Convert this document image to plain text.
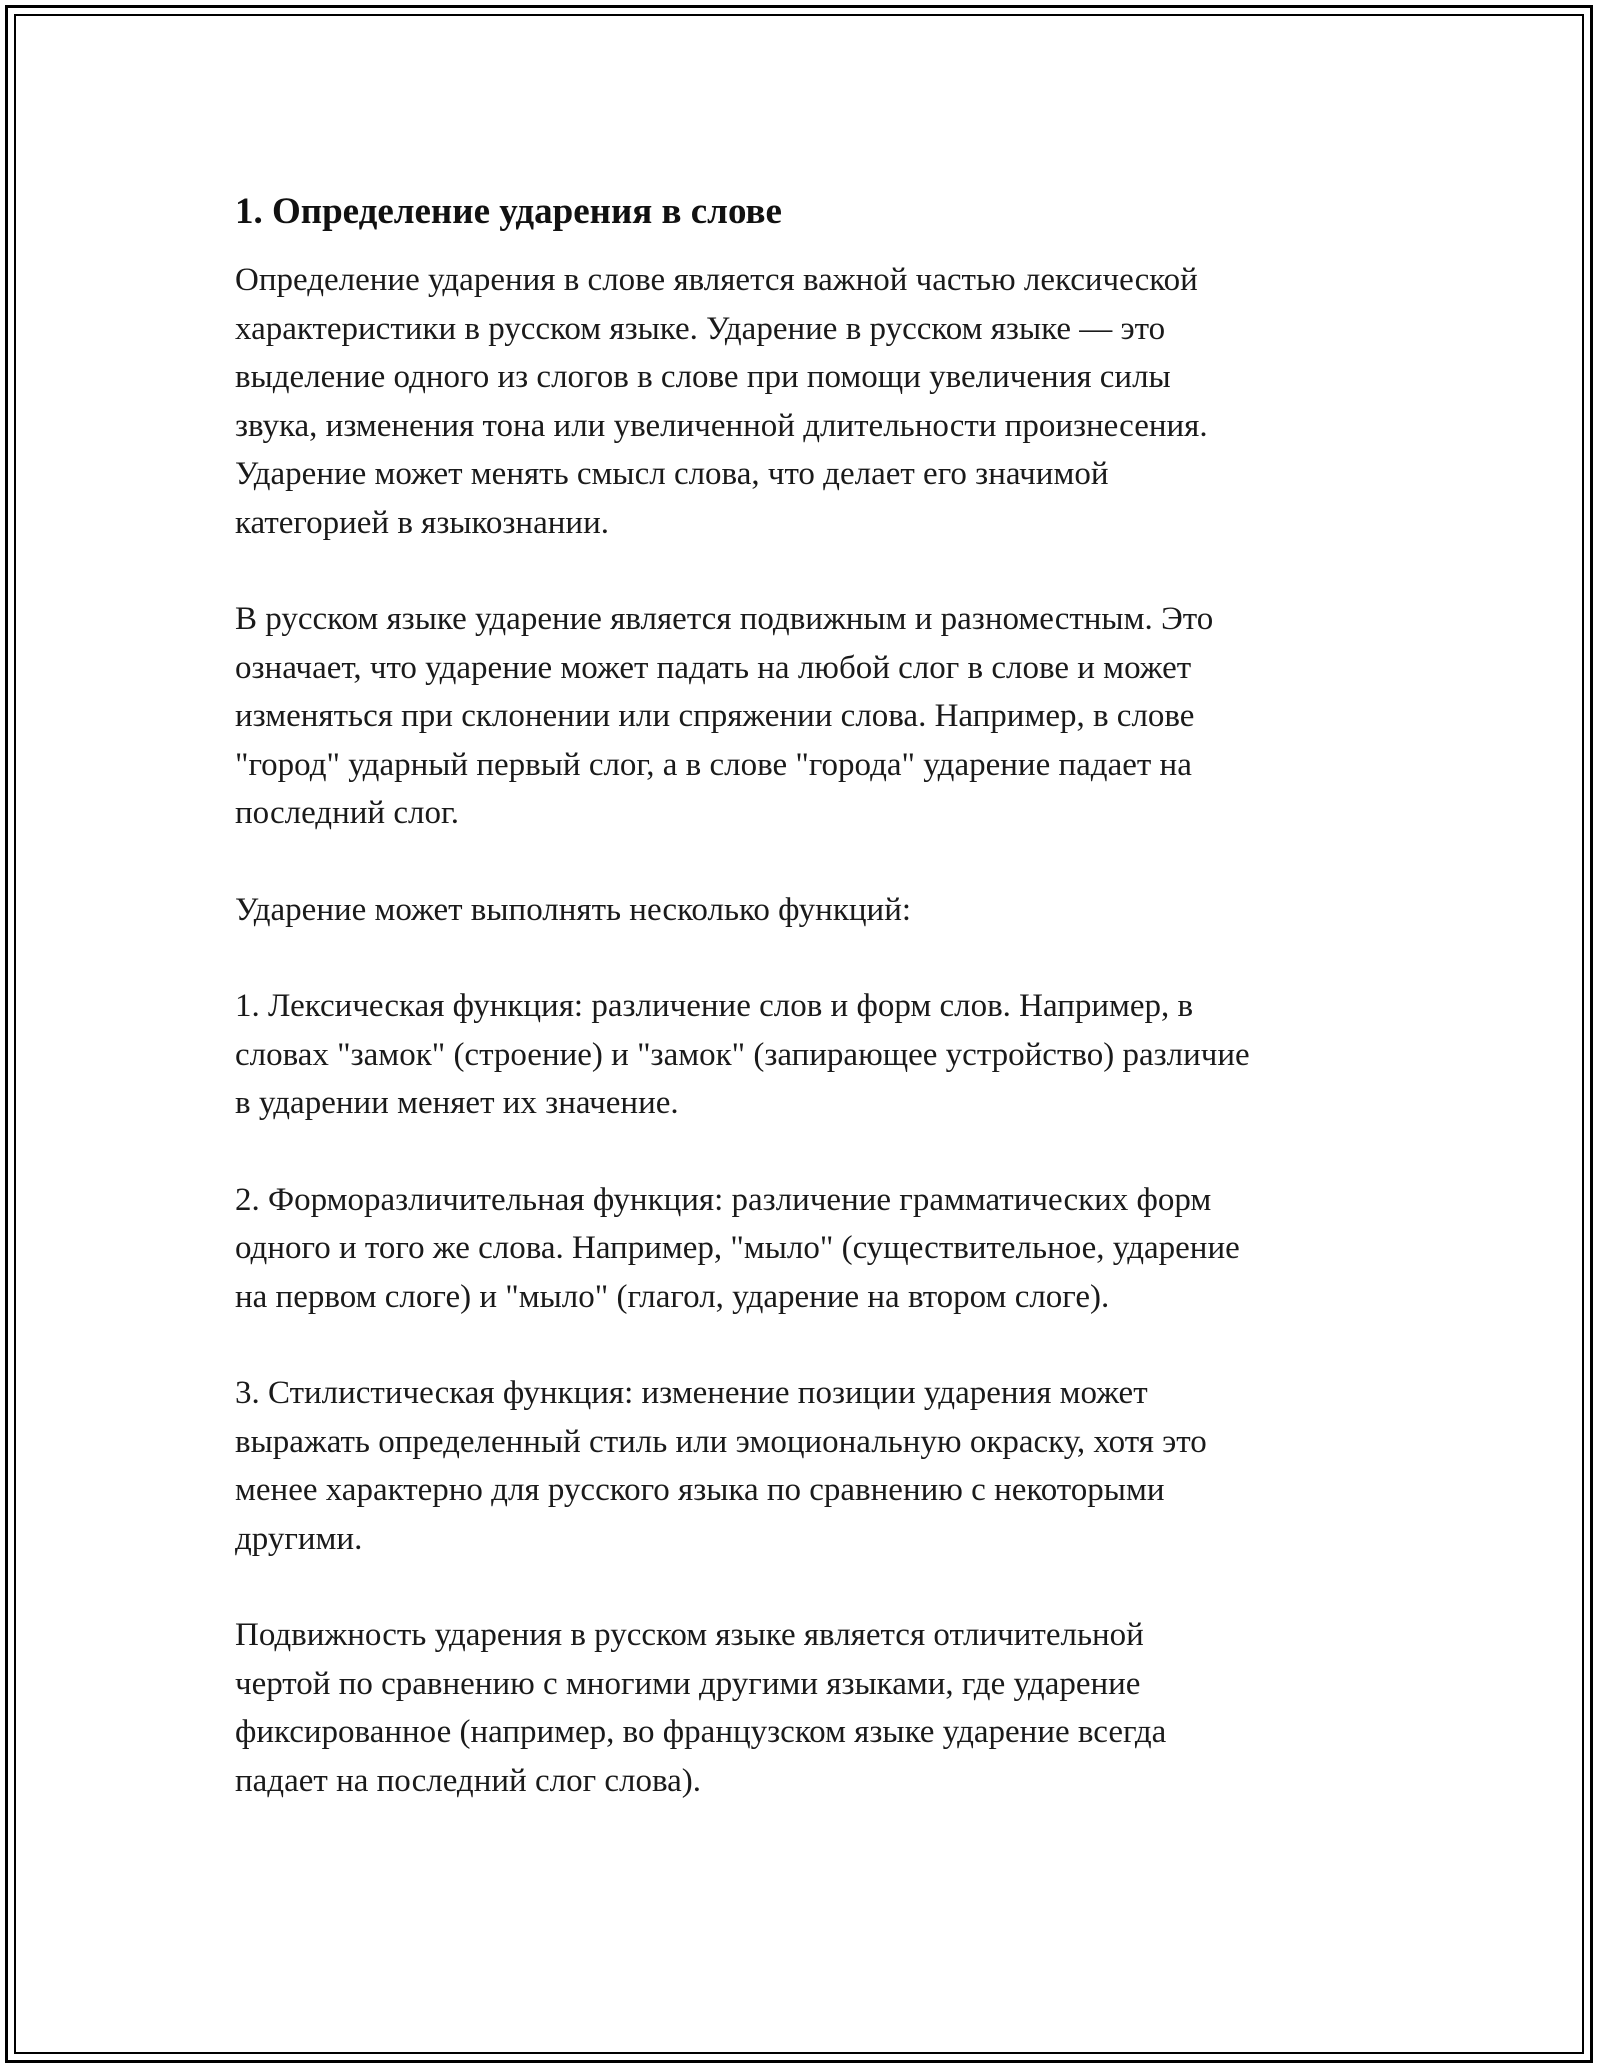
1. Определение ударения в слове

Определение ударения в слове является важной частью лексической
характеристики в русском языке. Ударение в русском языке — это
выделение одного из слогов в слове при помощи увеличения силы
звука, изменения тона или увеличенной длительности произнесения.
Ударение может менять смысл слова, что делает его значимой
категорией в языкознании.

В русском языке ударение является подвижным и разноместным. Это
означает, что ударение может падать на любой слог в слове и может
изменяться при склонении или спряжении слова. Например, в слове
"город" ударный первый слог, а в слове "города" ударение падает на
последний слог.

Ударение может выполнять несколько функций:

1. Лексическая функция: различение слов и форм слов. Например, в
словах "замок" (строение) и "замок" (запирающее устройство) различие
в ударении меняет их значение.

2. Форморазличительная функция: различение грамматических форм
одного и того же слова. Например, "мыло" (существительное, ударение
на первом слоге) и "мыло" (глагол, ударение на втором слоге).

3. Стилистическая функция: изменение позиции ударения может
выражать определенный стиль или эмоциональную окраску, хотя это
менее характерно для русского языка по сравнению с некоторыми
другими.

Подвижность ударения в русском языке является отличительной
чертой по сравнению с многими другими языками, где ударение
фиксированное (например, во французском языке ударение всегда
падает на последний слог слова).
